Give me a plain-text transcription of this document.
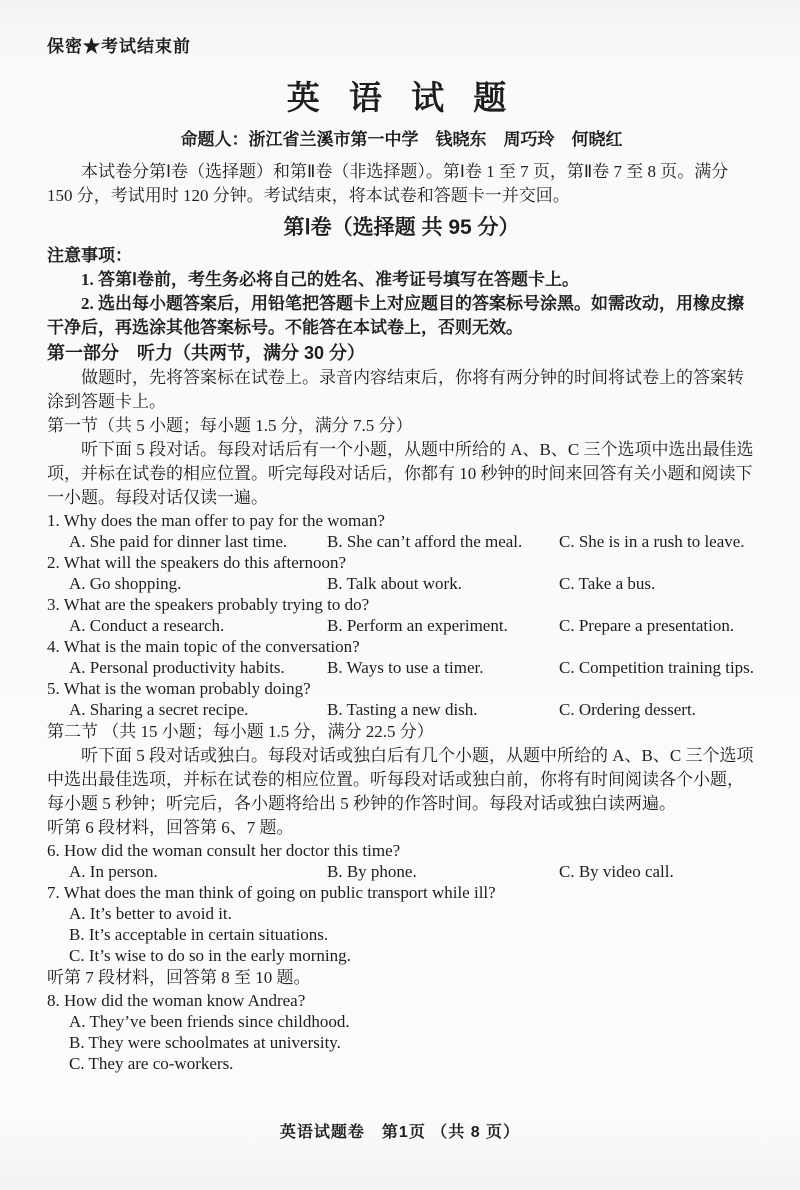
保密★考试结束前
英 语 试 题
命题人：浙江省兰溪市第一中学　钱晓东　周巧玲　何晓红

本试卷分第Ⅰ卷（选择题）和第Ⅱ卷（非选择题）。第Ⅰ卷 1 至 7 页，第Ⅱ卷 7 至 8 页。满分 150 分，考试用时 120 分钟。考试结束，将本试卷和答题卡一并交回。

第Ⅰ卷（选择题 共 95 分）
注意事项：

1. 答第Ⅰ卷前，考生务必将自己的姓名、准考证号填写在答题卡上。

2. 选出每小题答案后，用铅笔把答题卡上对应题目的答案标号涂黑。如需改动，用橡皮擦干净后，再选涂其他答案标号。不能答在本试卷上，否则无效。

第一部分　听力（共两节，满分 30 分）

做题时，先将答案标在试卷上。录音内容结束后，你将有两分钟的时间将试卷上的答案转涂到答题卡上。

第一节（共 5 小题；每小题 1.5 分，满分 7.5 分）

听下面 5 段对话。每段对话后有一个小题，从题中所给的 A、B、C 三个选项中选出最佳选项，并标在试卷的相应位置。听完每段对话后，你都有 10 秒钟的时间来回答有关小题和阅读下一小题。每段对话仅读一遍。

1. Why does the man offer to pay for the woman?
A. She paid for dinner last time.	B. She can’t afford the meal.	C. She is in a rush to leave.
2. What will the speakers do this afternoon?
A. Go shopping.	B. Talk about work.	C. Take a bus.
3. What are the speakers probably trying to do?
A. Conduct a research.	B. Perform an experiment.	C. Prepare a presentation.
4. What is the main topic of the conversation?
A. Personal productivity habits.	B. Ways to use a timer.	C. Competition training tips.
5. What is the woman probably doing?
A. Sharing a secret recipe.	B. Tasting a new dish.	C. Ordering dessert.
第二节 （共 15 小题；每小题 1.5 分，满分 22.5 分）

听下面 5 段对话或独白。每段对话或独白后有几个小题，从题中所给的 A、B、C 三个选项中选出最佳选项，并标在试卷的相应位置。听每段对话或独白前，你将有时间阅读各个小题，每小题 5 秒钟；听完后，各小题将给出 5 秒钟的作答时间。每段对话或独白读两遍。

听第 6 段材料，回答第 6、7 题。
6. How did the woman consult her doctor this time?
A. In person.	B. By phone.	C. By video call.
7. What does the man think of going on public transport while ill?
A. It’s better to avoid it.
B. It’s acceptable in certain situations.
C. It’s wise to do so in the early morning.
听第 7 段材料，回答第 8 至 10 题。
8. How did the woman know Andrea?
A. They’ve been friends since childhood.
B. They were schoolmates at university.
C. They are co-workers.
英语试题卷　第1页 （共 8 页）
